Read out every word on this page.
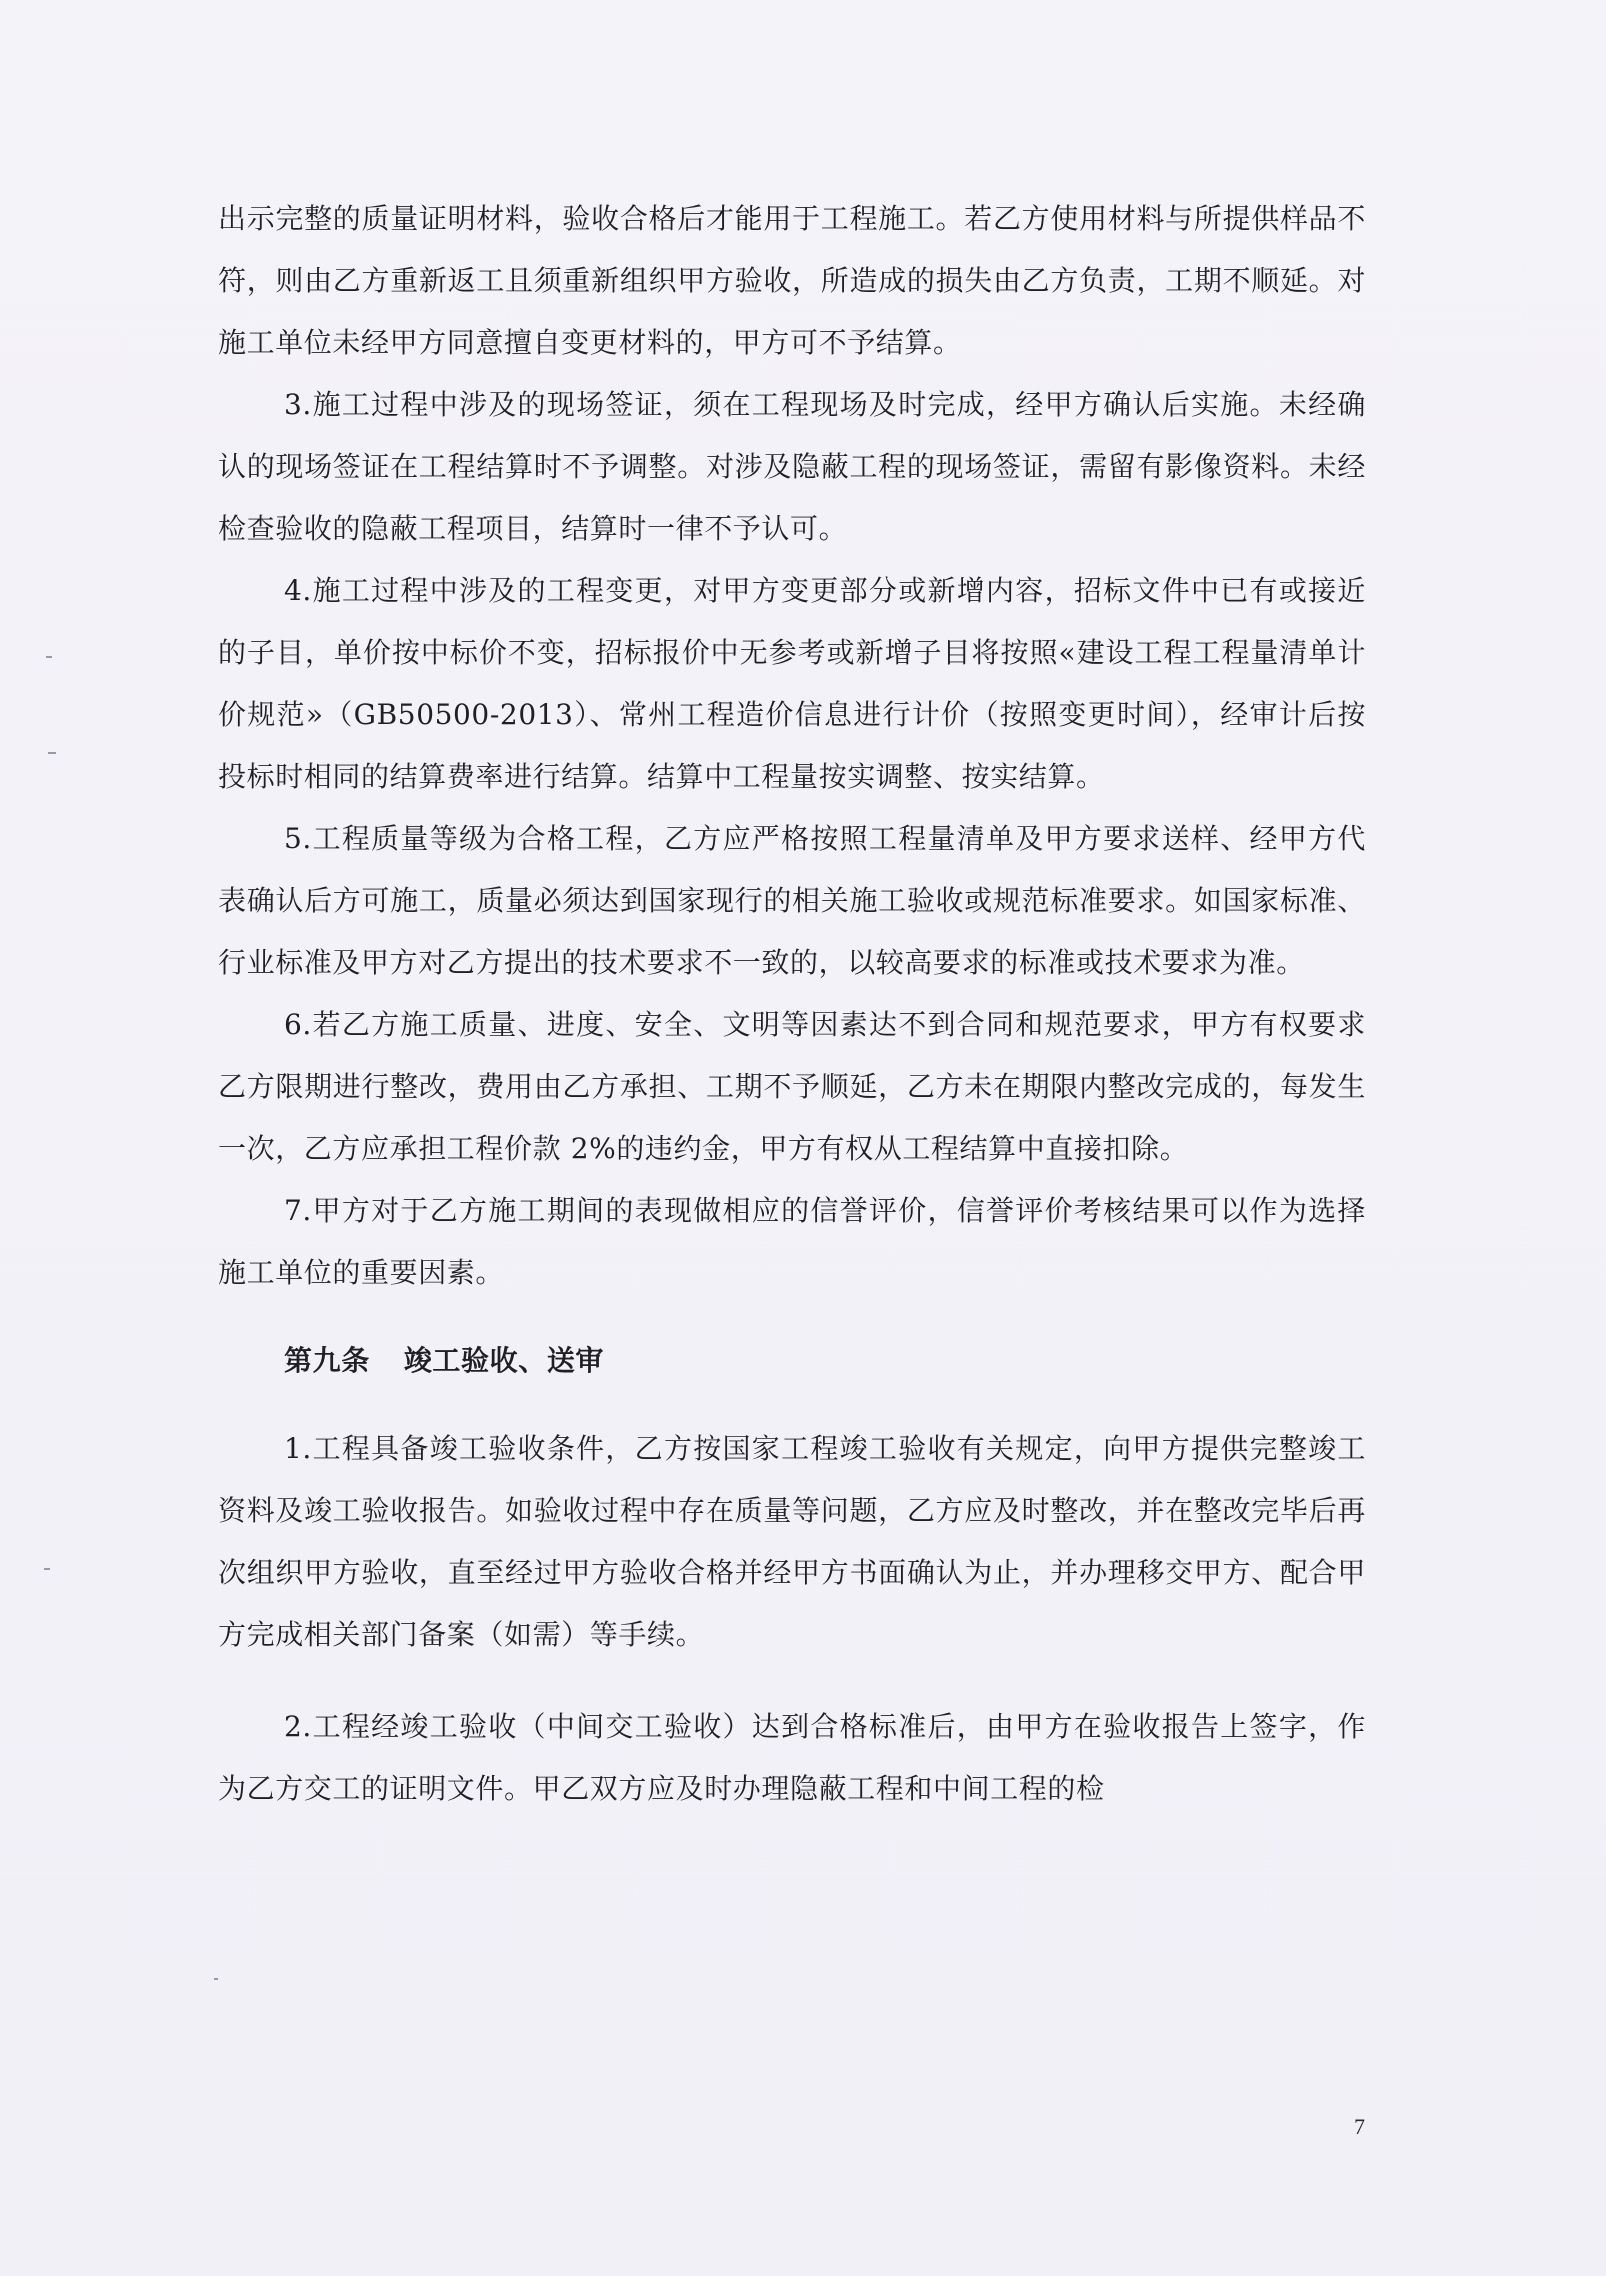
出示完整的质量证明材料，验收合格后才能用于工程施工。若乙方使用材料与所提供样品不符，则由乙方重新返工且须重新组织甲方验收，所造成的损失由乙方负责，工期不顺延。对施工单位未经甲方同意擅自变更材料的，甲方可不予结算。

3.施工过程中涉及的现场签证，须在工程现场及时完成，经甲方确认后实施。未经确认的现场签证在工程结算时不予调整。对涉及隐蔽工程的现场签证，需留有影像资料。未经检查验收的隐蔽工程项目，结算时一律不予认可。

4.施工过程中涉及的工程变更，对甲方变更部分或新增内容，招标文件中已有或接近的子目，单价按中标价不变，招标报价中无参考或新增子目将按照«建设工程工程量清单计价规范»（GB50500-2013）、常州工程造价信息进行计价（按照变更时间），经审计后按投标时相同的结算费率进行结算。结算中工程量按实调整、按实结算。

5.工程质量等级为合格工程，乙方应严格按照工程量清单及甲方要求送样、经甲方代表确认后方可施工，质量必须达到国家现行的相关施工验收或规范标准要求。如国家标准、行业标准及甲方对乙方提出的技术要求不一致的，以较高要求的标准或技术要求为准。

6.若乙方施工质量、进度、安全、文明等因素达不到合同和规范要求，甲方有权要求乙方限期进行整改，费用由乙方承担、工期不予顺延，乙方未在期限内整改完成的，每发生一次，乙方应承担工程价款 2%的违约金，甲方有权从工程结算中直接扣除。

7.甲方对于乙方施工期间的表现做相应的信誉评价，信誉评价考核结果可以作为选择施工单位的重要因素。

第九条 竣工验收、送审

1.工程具备竣工验收条件，乙方按国家工程竣工验收有关规定，向甲方提供完整竣工资料及竣工验收报告。如验收过程中存在质量等问题，乙方应及时整改，并在整改完毕后再次组织甲方验收，直至经过甲方验收合格并经甲方书面确认为止，并办理移交甲方、配合甲方完成相关部门备案（如需）等手续。

2.工程经竣工验收（中间交工验收）达到合格标准后，由甲方在验收报告上签字，作为乙方交工的证明文件。甲乙双方应及时办理隐蔽工程和中间工程的检

7
